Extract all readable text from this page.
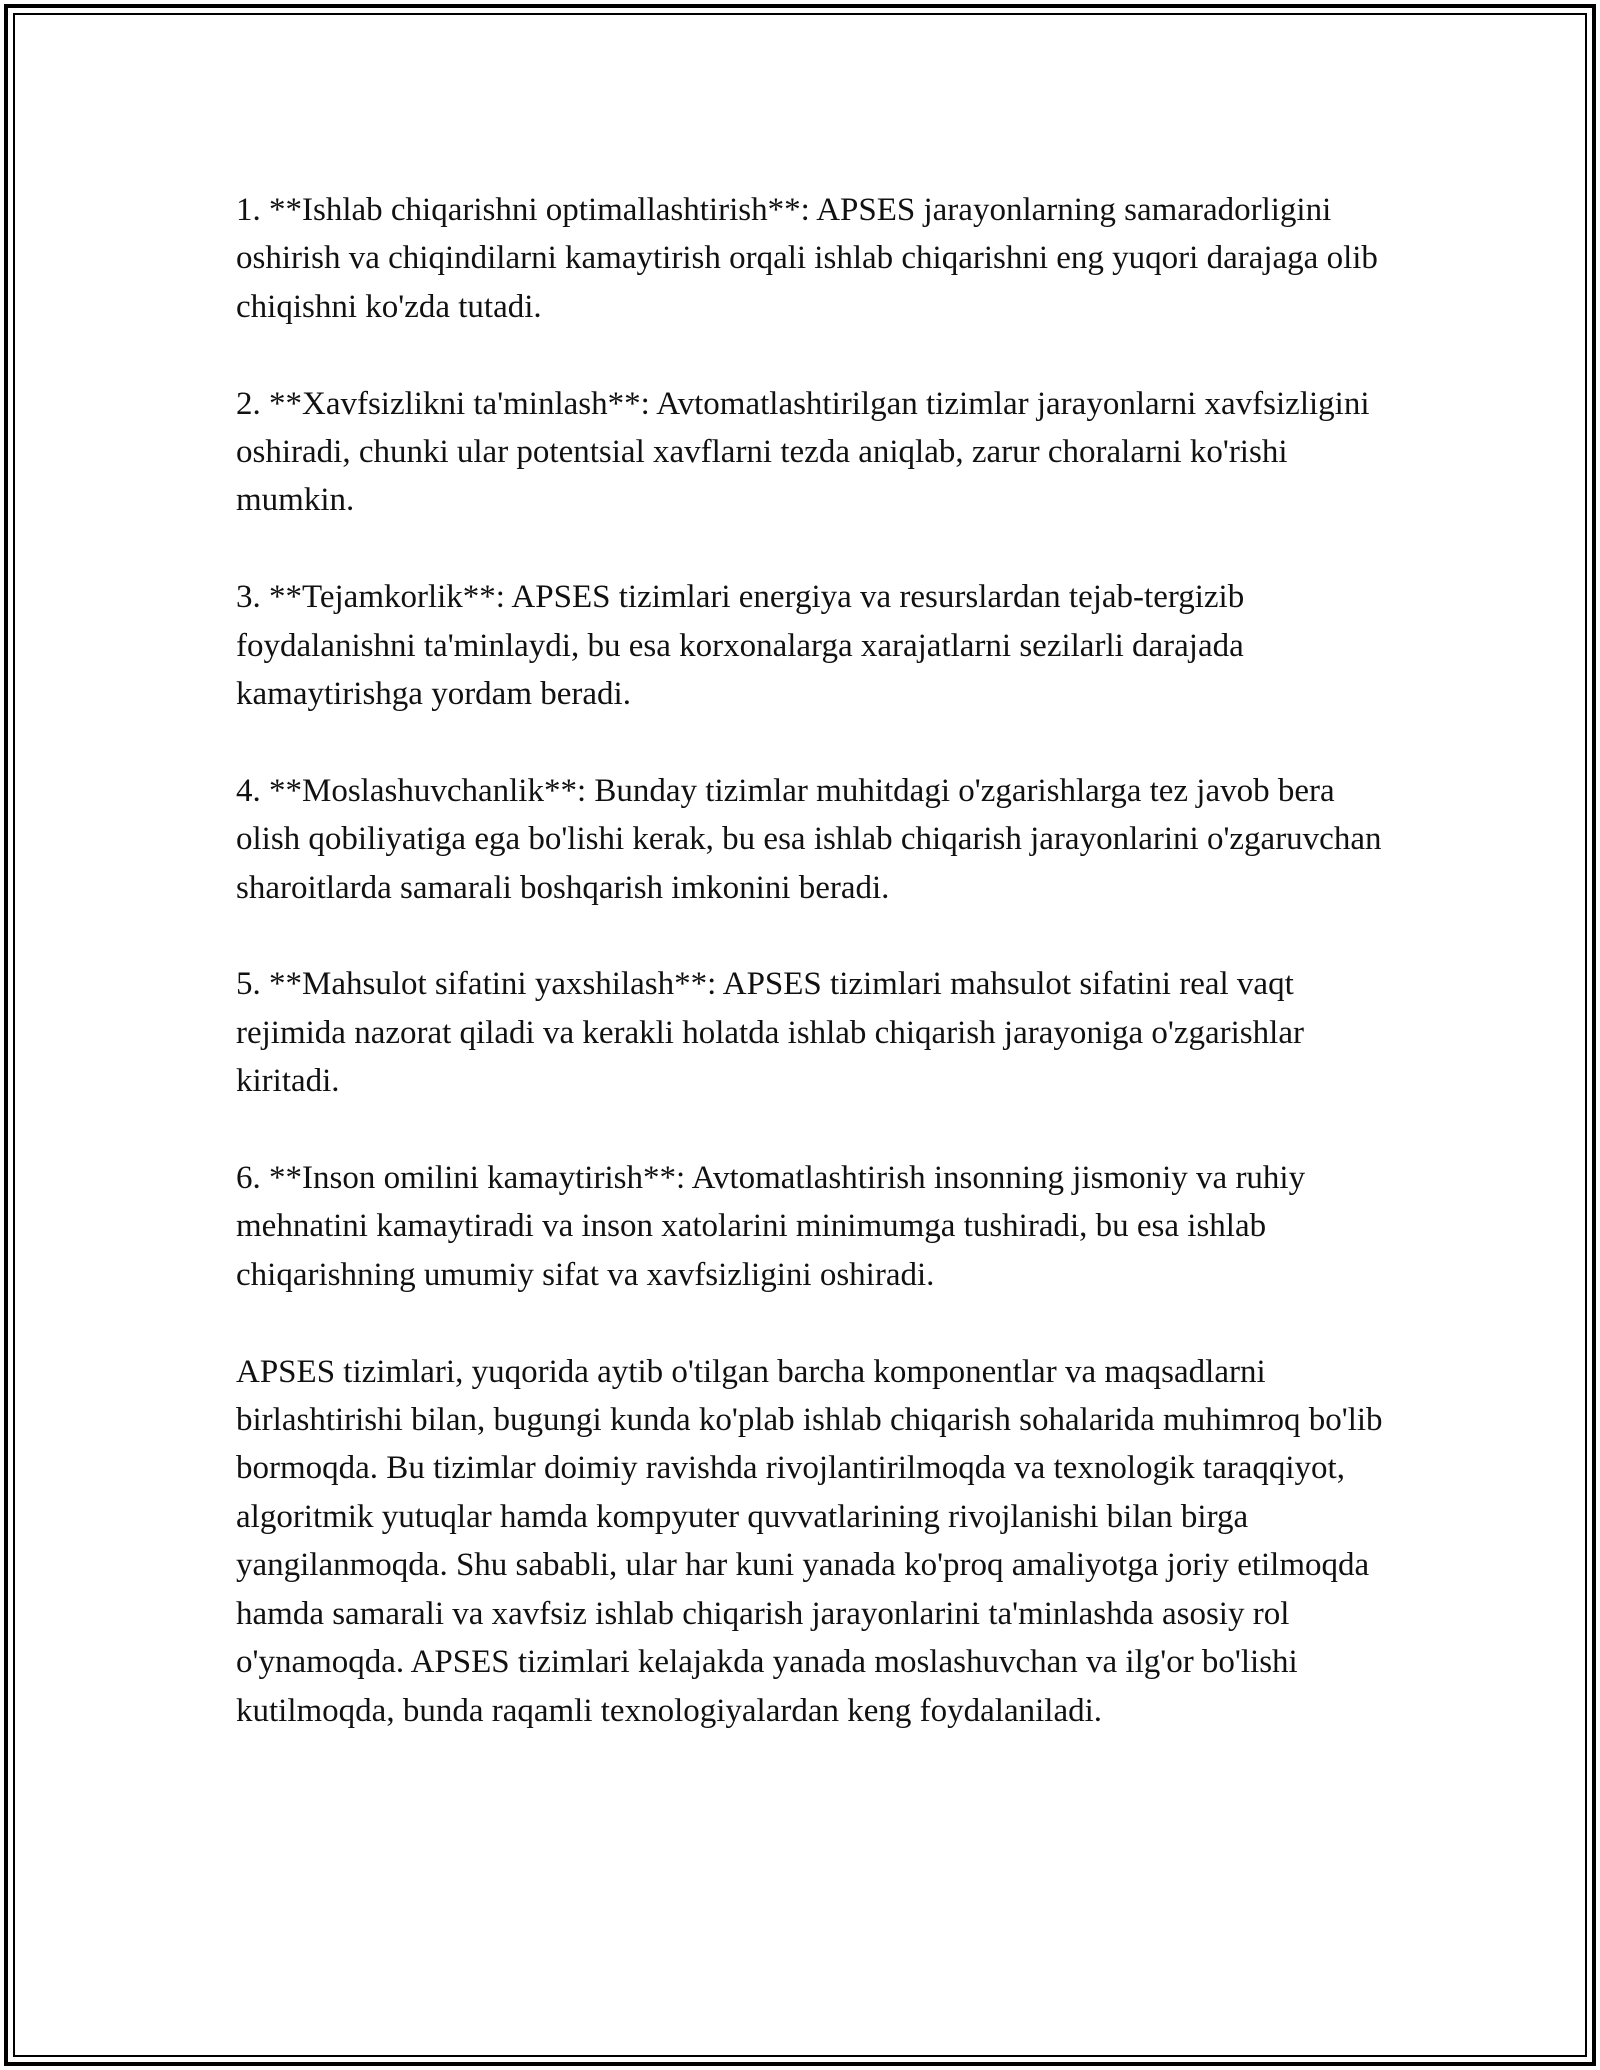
1. **Ishlab chiqarishni optimallashtirish**: APSES jarayonlarning samaradorligini oshirish va chiqindilarni kamaytirish orqali ishlab chiqarishni eng yuqori darajaga olib chiqishni ko'zda tutadi.

2. **Xavfsizlikni ta'minlash**: Avtomatlashtirilgan tizimlar jarayonlarni xavfsizligini oshiradi, chunki ular potentsial xavflarni tezda aniqlab, zarur choralarni ko'rishi mumkin.

3. **Tejamkorlik**: APSES tizimlari energiya va resurslardan tejab-tergizib foydalanishni ta'minlaydi, bu esa korxonalarga xarajatlarni sezilarli darajada kamaytirishga yordam beradi.

4. **Moslashuvchanlik**: Bunday tizimlar muhitdagi o'zgarishlarga tez javob bera olish qobiliyatiga ega bo'lishi kerak, bu esa ishlab chiqarish jarayonlarini o'zgaruvchan sharoitlarda samarali boshqarish imkonini beradi.

5. **Mahsulot sifatini yaxshilash**: APSES tizimlari mahsulot sifatini real vaqt rejimida nazorat qiladi va kerakli holatda ishlab chiqarish jarayoniga o'zgarishlar kiritadi.

6. **Inson omilini kamaytirish**: Avtomatlashtirish insonning jismoniy va ruhiy mehnatini kamaytiradi va inson xatolarini minimumga tushiradi, bu esa ishlab chiqarishning umumiy sifat va xavfsizligini oshiradi.

APSES tizimlari, yuqorida aytib o'tilgan barcha komponentlar va maqsadlarni birlashtirishi bilan, bugungi kunda ko'plab ishlab chiqarish sohalarida muhimroq bo'lib bormoqda. Bu tizimlar doimiy ravishda rivojlantirilmoqda va texnologik taraqqiyot, algoritmik yutuqlar hamda kompyuter quvvatlarining rivojlanishi bilan birga yangilanmoqda. Shu sababli, ular har kuni yanada ko'proq amaliyotga joriy etilmoqda hamda samarali va xavfsiz ishlab chiqarish jarayonlarini ta'minlashda asosiy rol o'ynamoqda. APSES tizimlari kelajakda yanada moslashuvchan va ilg'or bo'lishi kutilmoqda, bunda raqamli texnologiyalardan keng foydalaniladi.
